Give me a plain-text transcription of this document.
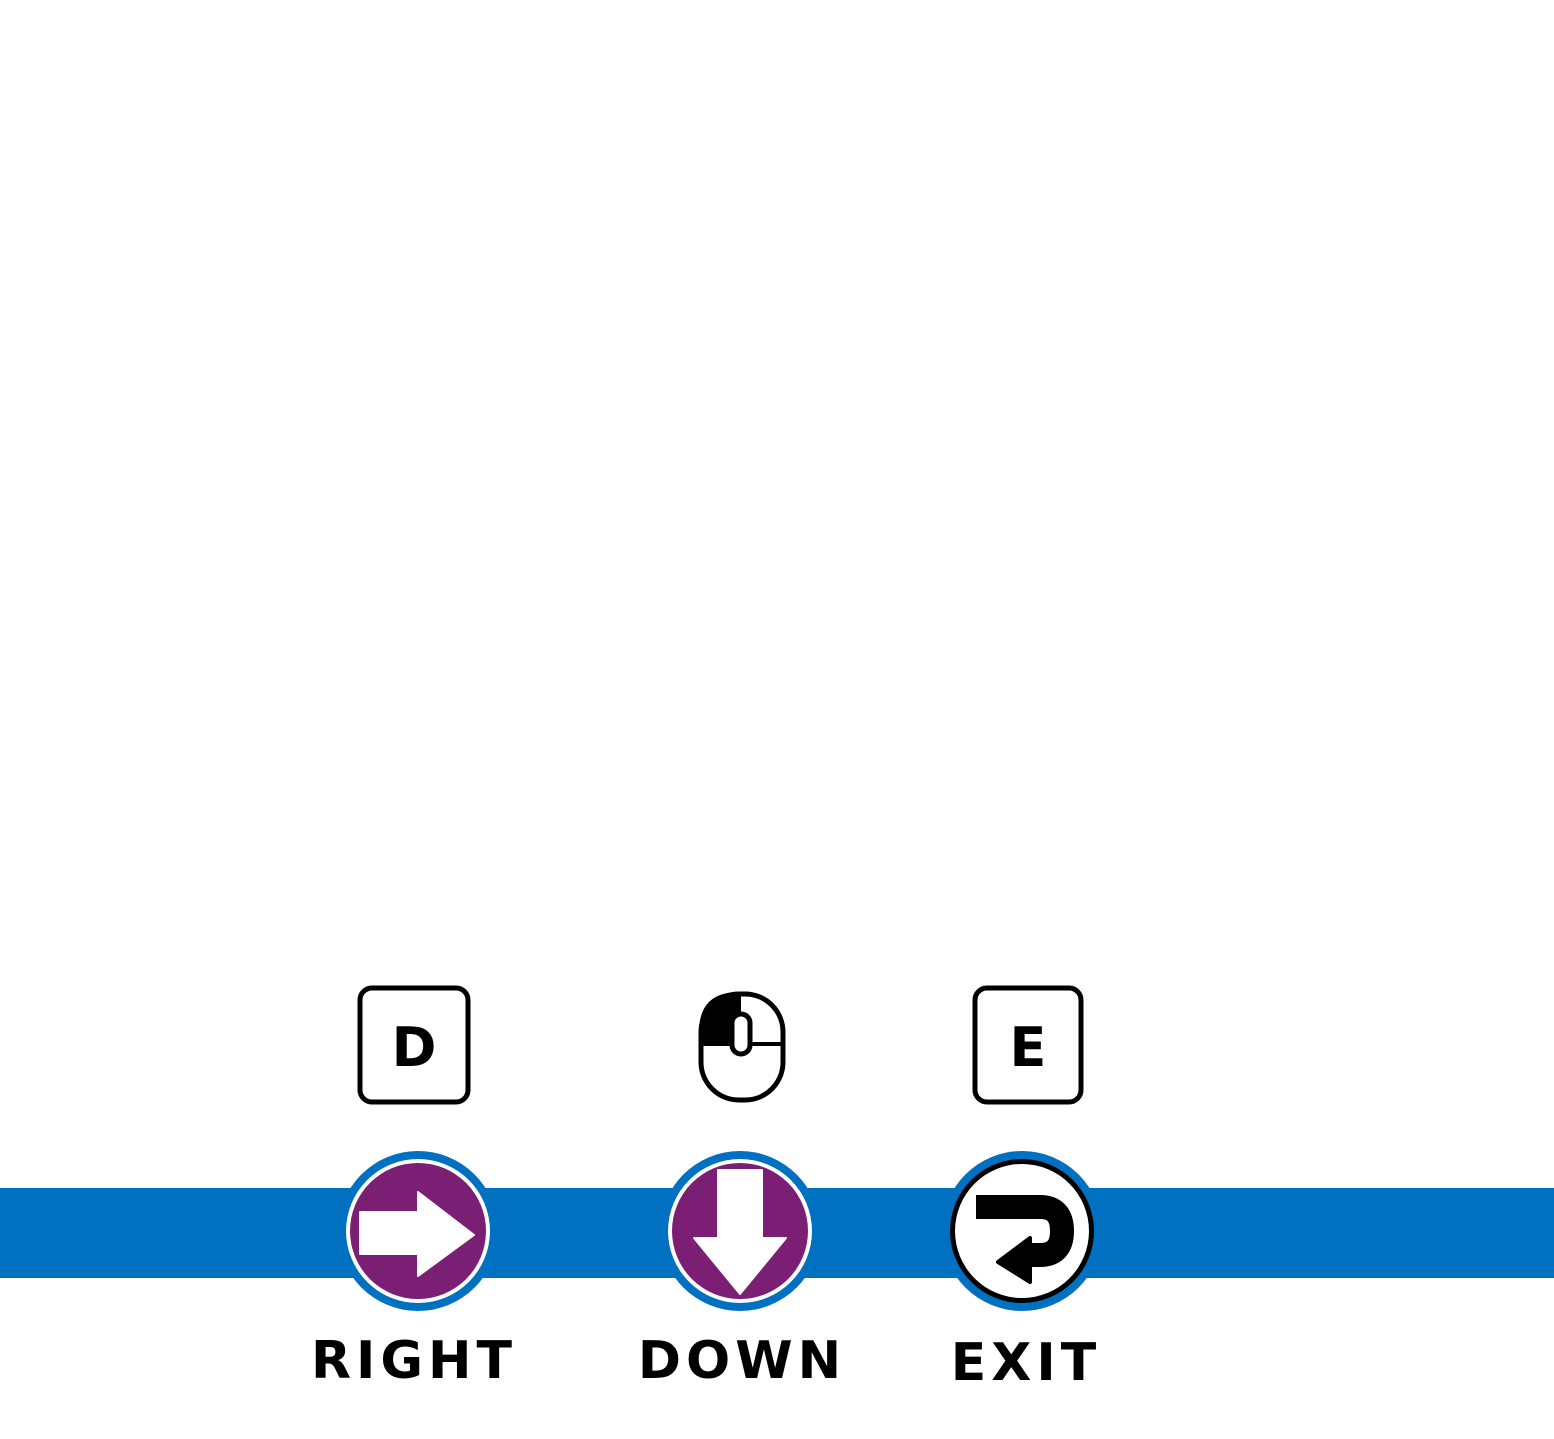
D
RIGHT DOWN
E
EXIT
